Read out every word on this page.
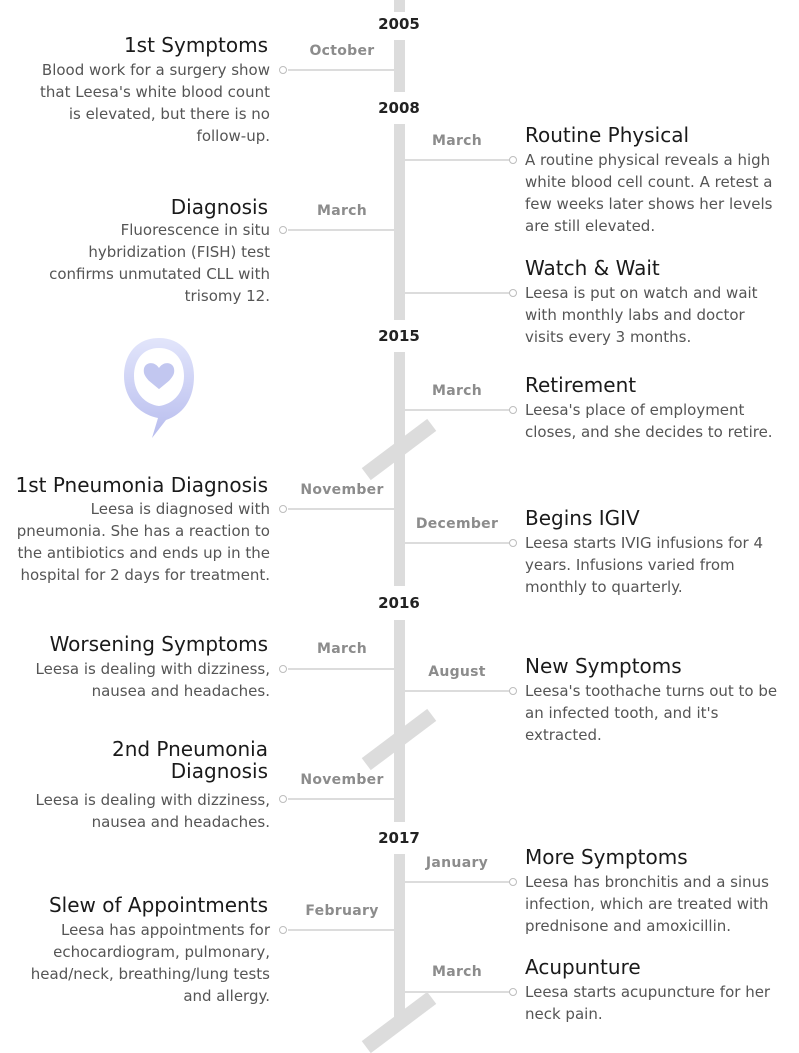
2005
2008
2015
2016
2017
October
1st Symptoms
Blood work for a surgery show that Leesa's white blood count is elevated, but there is no follow-up.	March	Routine Physical
A routine physical reveals a high white blood cell count. A retest a few weeks later shows her levels are still elevated.
March
Diagnosis
Fluorescence in situ hybridization (FISH) test confirms unmutated CLL with trisomy 12.
Watch & Wait
Leesa is put on watch and wait with monthly labs and doctor visits every 3 months.
March	Retirement
Leesa's place of employment closes, and she decides to retire.
November
1st Pneumonia Diagnosis
Leesa is diagnosed with pneumonia. She has a reaction to the antibiotics and ends up in the hospital for 2 days for treatment.
December	Begins IGIV
Leesa starts IVIG infusions for 4 years. Infusions varied from monthly to quarterly.
March
Worsening Symptoms
Leesa is dealing with dizziness, nausea and headaches.
August	New Symptoms
Leesa's toothache turns out to be an infected tooth, and it's extracted.
November
2nd Pneumonia Diagnosis
Leesa is dealing with dizziness, nausea and headaches.
January	More Symptoms
Leesa has bronchitis and a sinus infection, which are treated with prednisone and amoxicillin.
February
Slew of Appointments
Leesa has appointments for echocardiogram, pulmonary, head/neck, breathing/lung tests and allergy.
March	Acupunture
Leesa starts acupuncture for her neck pain.
